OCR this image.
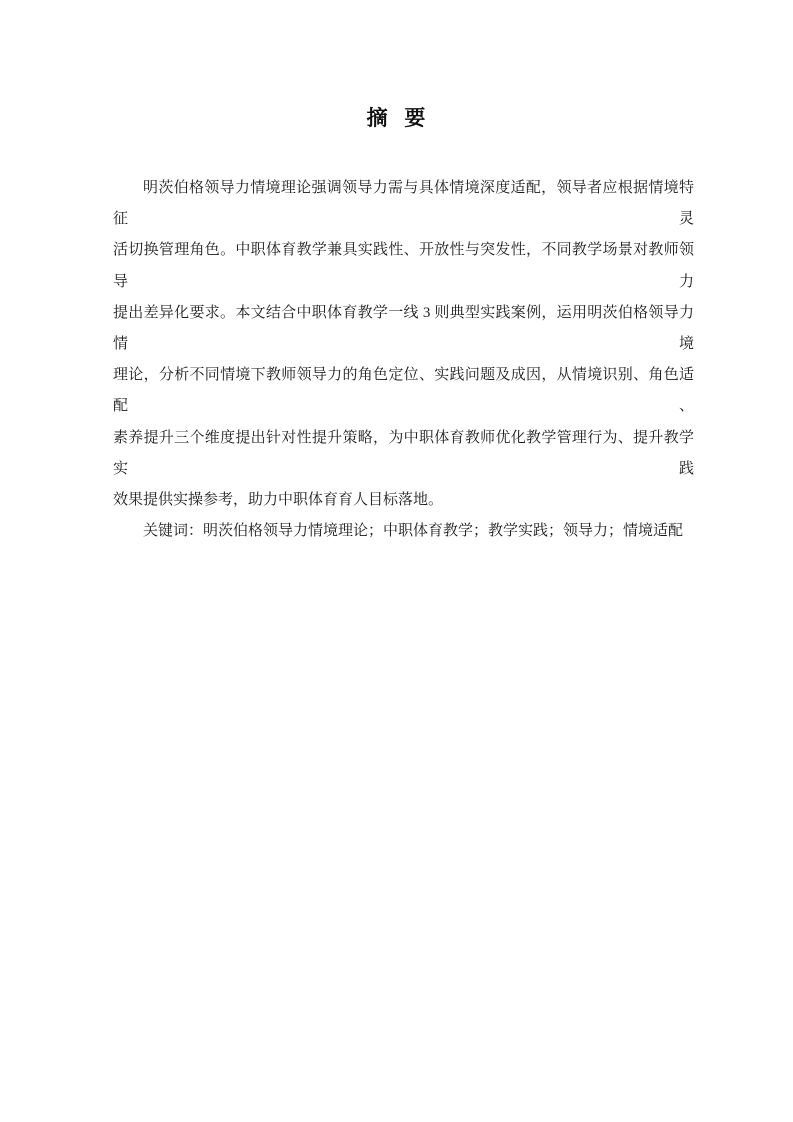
摘 要
明茨伯格领导力情境理论强调领导力需与具体情境深度适配，领导者应根据情境特征灵
活切换管理角色。中职体育教学兼具实践性、开放性与突发性，不同教学场景对教师领导力
提出差异化要求。本文结合中职体育教学一线 3 则典型实践案例，运用明茨伯格领导力情境
理论，分析不同情境下教师领导力的角色定位、实践问题及成因，从情境识别、角色适配、
素养提升三个维度提出针对性提升策略，为中职体育教师优化教学管理行为、提升教学实践
效果提供实操参考，助力中职体育育人目标落地。
关键词：明茨伯格领导力情境理论；中职体育教学；教学实践；领导力；情境适配
